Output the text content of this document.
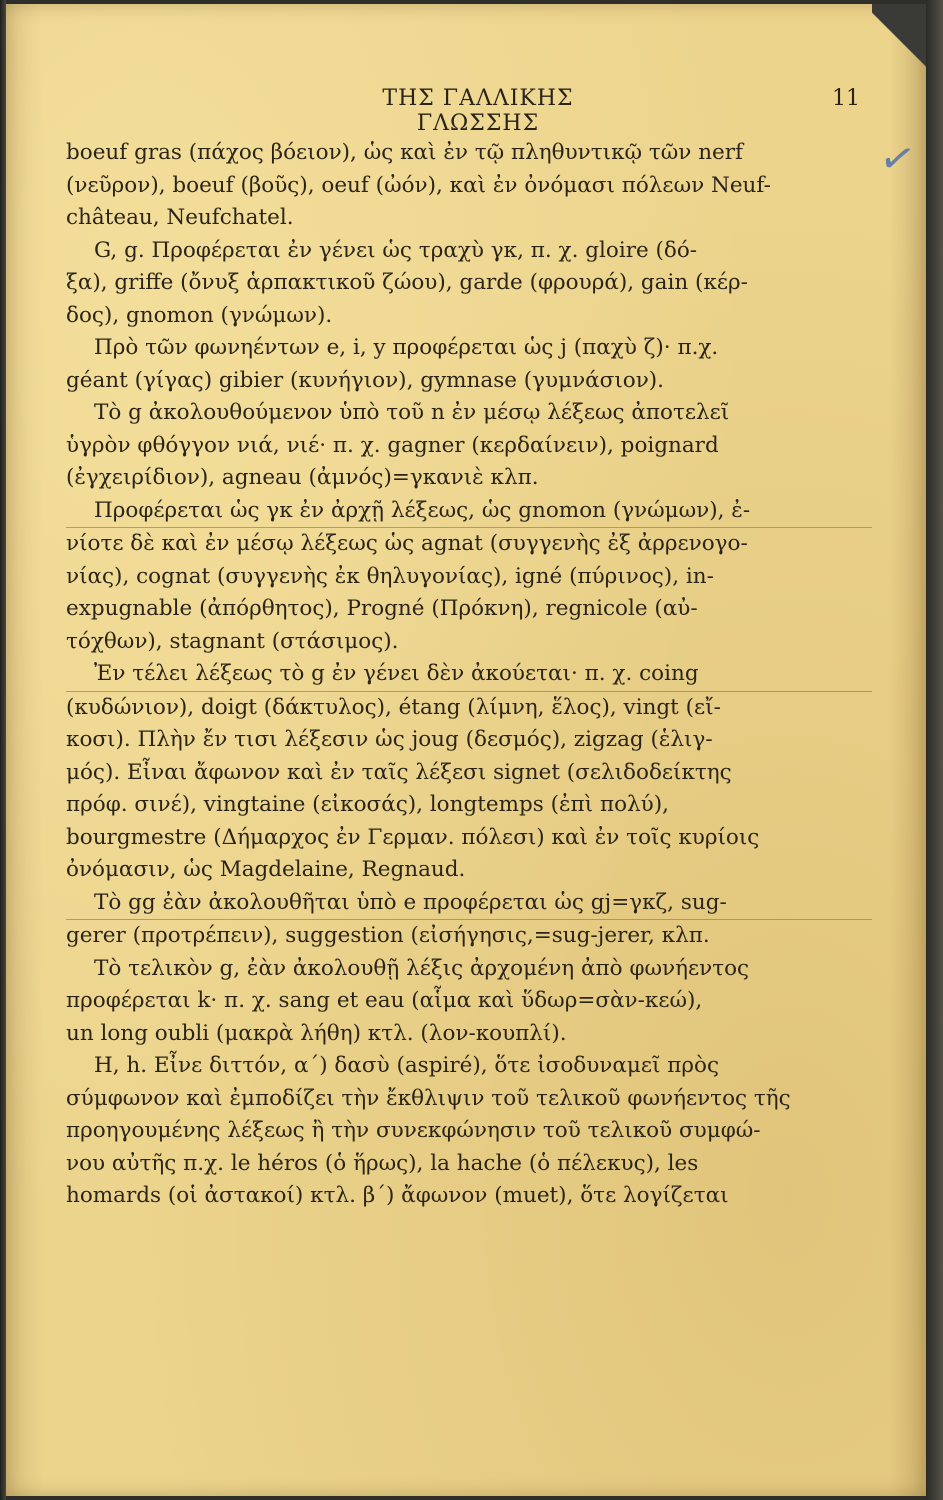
ΤΗΣ ΓΑΛΛΙΚΗΣ ΓΛΩΣΣΗΣ
11
✓
boeuf gras (πάχος βόειον), ὡς καὶ ἐν τῷ πληθυντικῷ τῶν nerf
(νεῦρον), boeuf (βοῦς), oeuf (ὠόν), καὶ ἐν ὀνόμασι πόλεων Neuf-
château, Neufchatel.
G, g. Προφέρεται ἐν γένει ὡς τραχὺ γκ, π. χ. gloire (δό-
ξα), griffe (ὄνυξ ἁρπακτικοῦ ζώου), garde (φρουρά), gain (κέρ-
δος), gnomon (γνώμων).
Πρὸ τῶν φωνηέντων e, i, y προφέρεται ὡς j (παχὺ ζ)· π.χ.
géant (γίγας) gibier (κυνήγιον), gymnase (γυμνάσιον).
Τὸ g ἀκολουθούμενον ὑπὸ τοῦ n ἐν μέσῳ λέξεως ἀποτελεῖ
ὑγρὸν φθόγγον νιά, νιέ· π. χ. gagner (κερδαίνειν), poignard
(ἐγχειρίδιον), agneau (ἀμνός)=γκανιὲ κλπ.
Προφέρεται ὡς γκ ἐν ἀρχῇ λέξεως, ὡς gnomon (γνώμων), ἐ-
νίοτε δὲ καὶ ἐν μέσῳ λέξεως ὡς agnat (συγγενὴς ἐξ ἀρρενογο-
νίας), cognat (συγγενὴς ἐκ θηλυγονίας), igné (πύρινος), in-
expugnable (ἀπόρθητος), Progné (Πρόκνη), regnicole (αὐ-
τόχθων), stagnant (στάσιμος).
Ἐν τέλει λέξεως τὸ g ἐν γένει δὲν ἀκούεται· π. χ. coing
(κυδώνιον), doigt (δάκτυλος), étang (λίμνη, ἕλος), vingt (εἴ-
κοσι). Πλὴν ἔν τισι λέξεσιν ὡς joug (δεσμός), zigzag (ἑλιγ-
μός). Εἶναι ἄφωνον καὶ ἐν ταῖς λέξεσι signet (σελιδοδείκτης
πρόφ. σινέ), vingtaine (εἰκοσάς), longtemps (ἐπὶ πολύ),
bourgmestre (Δήμαρχος ἐν Γερμαν. πόλεσι) καὶ ἐν τοῖς κυρίοις
ὀνόμασιν, ὡς Magdelaine, Regnaud.
Τὸ gg ἐὰν ἀκολουθῆται ὑπὸ e προφέρεται ὡς gj=γκζ, sug-
gerer (προτρέπειν), suggestion (εἰσήγησις,=sug-jerer, κλπ.
Τὸ τελικὸν g, ἐὰν ἀκολουθῇ λέξις ἀρχομένη ἀπὸ φωνήεντος
προφέρεται k· π. χ. sang et eau (αἷμα καὶ ὕδωρ=σὰν-κεώ),
un long oubli (μακρὰ λήθη) κτλ. (λον-κουπλί).
H, h. Εἶνε διττόν, α΄) δασὺ (aspiré), ὅτε ἰσοδυναμεῖ πρὸς
σύμφωνον καὶ ἐμποδίζει τὴν ἔκθλιψιν τοῦ τελικοῦ φωνήεντος τῆς
προηγουμένης λέξεως ἢ τὴν συνεκφώνησιν τοῦ τελικοῦ συμφώ-
νου αὐτῆς π.χ. le héros (ὁ ἥρως), la hache (ὁ πέλεκυς), les
homards (οἱ ἀστακοί) κτλ. β΄) ἄφωνον (muet), ὅτε λογίζεται
